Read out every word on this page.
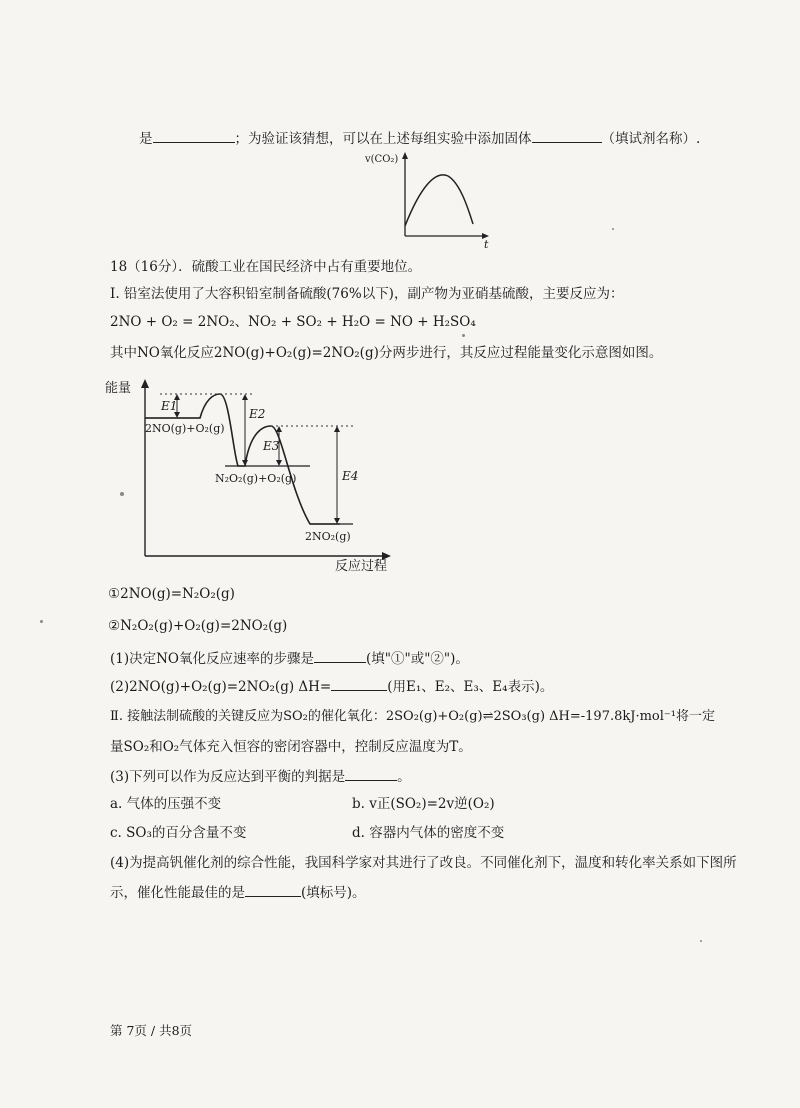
是	；为验证该猜想，可以在上述每组实验中添加固体	（填试剂名称）.
v(CO₂)
t
18（16分）．硫酸工业在国民经济中占有重要地位。
Ⅰ. 铅室法使用了大容积铅室制备硫酸(76%以下)，副产物为亚硝基硫酸，主要反应为：
2NO + O₂ = 2NO₂、NO₂ + SO₂ + H₂O = NO + H₂SO₄
其中NO氧化反应2NO(g)+O₂(g)=2NO₂(g)分两步进行，其反应过程能量变化示意图如图。
能量
反应过程
E1
E2
E3
E4
2NO(g)+O₂(g)
N₂O₂(g)+O₂(g)
2NO₂(g)
①2NO(g)=N₂O₂(g)
②N₂O₂(g)+O₂(g)=2NO₂(g)
(1)决定NO氧化反应速率的步骤是	(填"①"或"②")。
(2)2NO(g)+O₂(g)=2NO₂(g) ΔH=	(用E₁、E₂、E₃、E₄表示)。
Ⅱ. 接触法制硫酸的关键反应为SO₂的催化氧化：2SO₂(g)+O₂(g)⇌2SO₃(g) ΔH=-197.8kJ·mol⁻¹将一定
量SO₂和O₂气体充入恒容的密闭容器中，控制反应温度为T。
(3)下列可以作为反应达到平衡的判据是	。
a. 气体的压强不变	b. v正(SO₂)=2v逆(O₂)
c. SO₃的百分含量不变	d. 容器内气体的密度不变
(4)为提高钒催化剂的综合性能，我国科学家对其进行了改良。不同催化剂下，温度和转化率关系如下图所
示，催化性能最佳的是	(填标号)。
第 7页 / 共8页
